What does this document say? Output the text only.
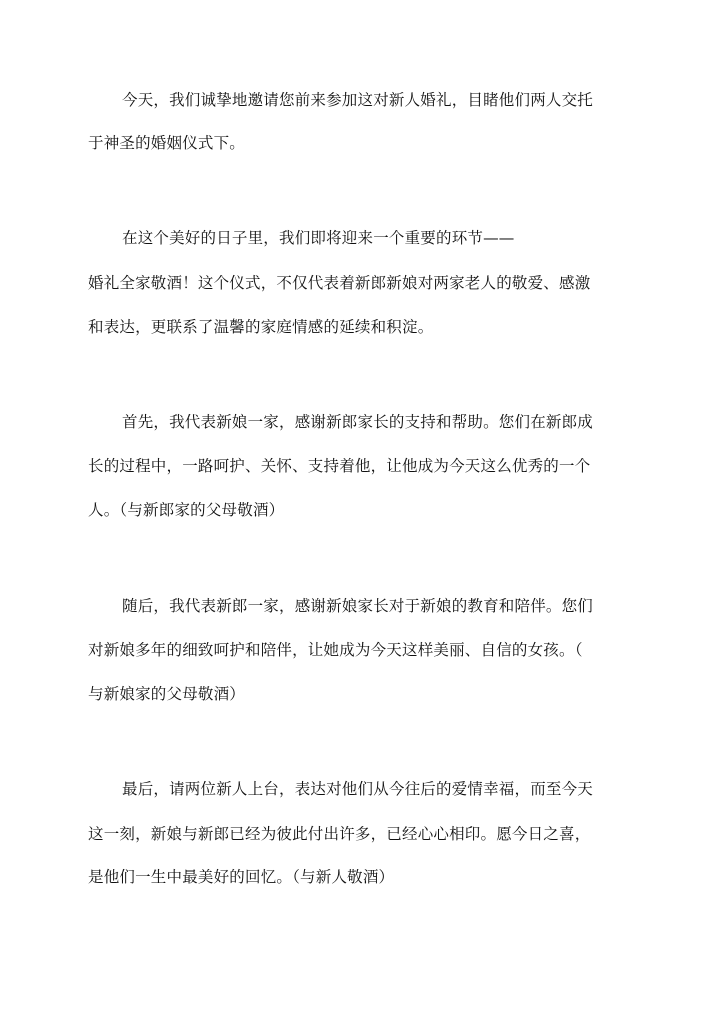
今天，我们诚挚地邀请您前来参加这对新人婚礼，目睹他们两人交托
于神圣的婚姻仪式下。
在这个美好的日子里，我们即将迎来一个重要的环节——
婚礼全家敬酒！这个仪式，不仅代表着新郎新娘对两家老人的敬爱、感激
和表达，更联系了温馨的家庭情感的延续和积淀。
首先，我代表新娘一家，感谢新郎家长的支持和帮助。您们在新郎成
长的过程中，一路呵护、关怀、支持着他，让他成为今天这么优秀的一个
人。（与新郎家的父母敬酒）
随后，我代表新郎一家，感谢新娘家长对于新娘的教育和陪伴。您们
对新娘多年的细致呵护和陪伴，让她成为今天这样美丽、自信的女孩。（
与新娘家的父母敬酒）
最后，请两位新人上台，表达对他们从今往后的爱情幸福，而至今天
这一刻，新娘与新郎已经为彼此付出许多，已经心心相印。愿今日之喜，
是他们一生中最美好的回忆。（与新人敬酒）
